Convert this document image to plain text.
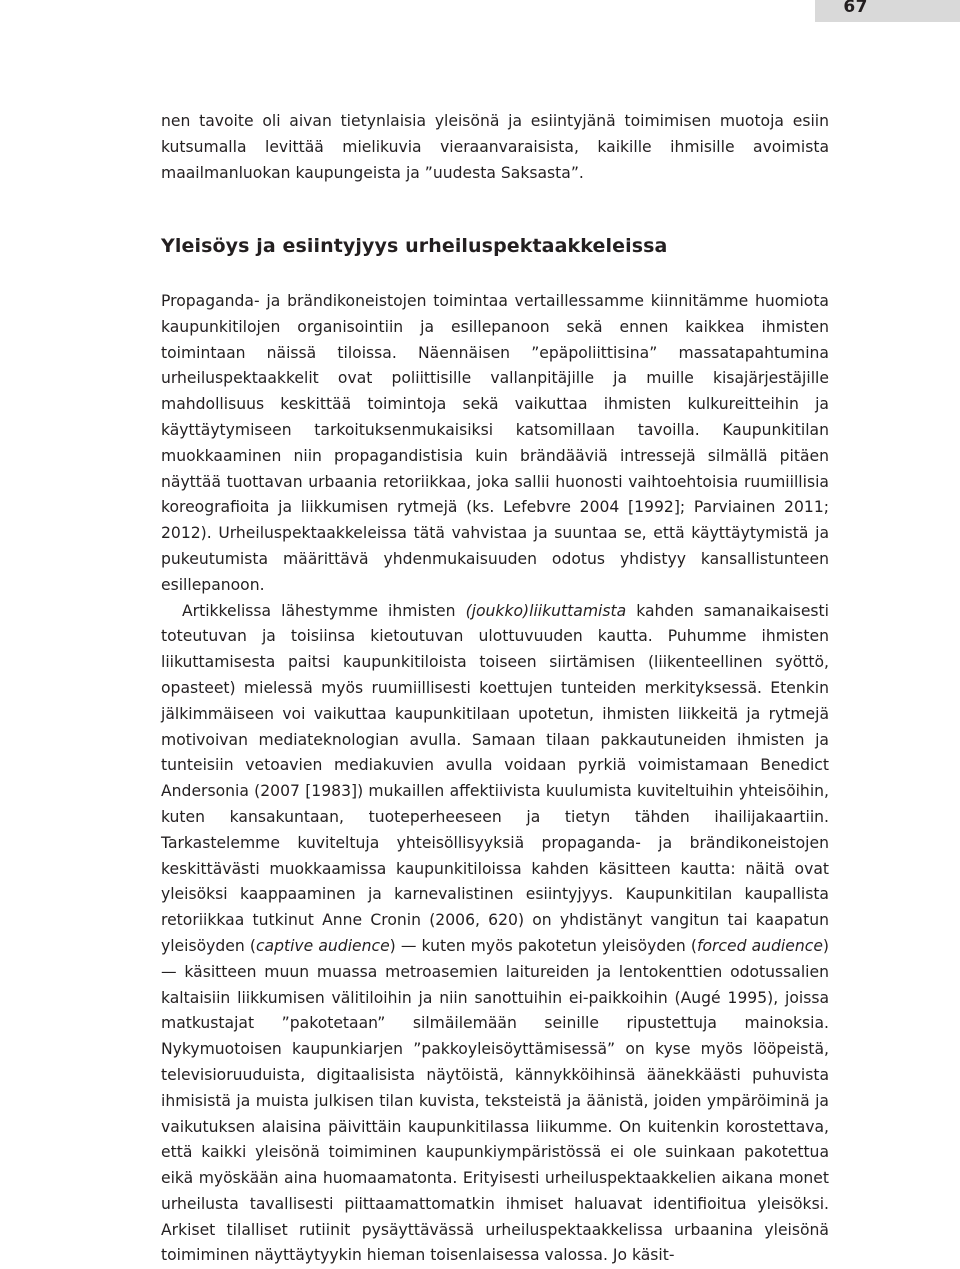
67

nen tavoite oli aivan tietynlaisia yleisönä ja esiintyjänä toimimisen muotoja esiin kutsumalla levittää mielikuvia vieraanvaraisista, kaikille ihmisille avoimista maailmanluokan kaupungeista ja ”uudesta Saksasta”.

Yleisöys ja esiintyjyys urheiluspektaakkeleissa

Propaganda- ja brändikoneistojen toimintaa vertaillessamme kiinnitämme huomiota kaupunkitilojen organisointiin ja esillepanoon sekä ennen kaikkea ihmisten toimintaan näissä tiloissa. Näennäisen ”epäpoliittisina” massatapahtumina urheiluspektaakkelit ovat poliittisille vallanpitäjille ja muille kisajärjestäjille mahdollisuus keskittää toimintoja sekä vaikuttaa ihmisten kulkureitteihin ja käyttäytymiseen tarkoituksenmukaisiksi katsomillaan tavoilla. Kaupunkitilan muokkaaminen niin propagandistisia kuin brändääviä intressejä silmällä pitäen näyttää tuottavan urbaania retoriikkaa, joka sallii huonosti vaihtoehtoisia ruumiillisia koreografioita ja liikkumisen rytmejä (ks. Lefebvre 2004 [1992]; Parviainen 2011; 2012). Urheiluspektaakkeleissa tätä vahvistaa ja suuntaa se, että käyttäytymistä ja pukeutumista määrittävä yhdenmukaisuuden odotus yhdistyy kansallistunteen esillepanoon.

Artikkelissa lähestymme ihmisten (joukko)liikuttamista kahden samanaikaisesti toteutuvan ja toisiinsa kietoutuvan ulottuvuuden kautta. Puhumme ihmisten liikuttamisesta paitsi kaupunkitiloista toiseen siirtämisen (liikenteellinen syöttö, opasteet) mielessä myös ruumiillisesti koettujen tunteiden merkityksessä. Etenkin jälkimmäiseen voi vaikuttaa kaupunkitilaan upotetun, ihmisten liikkeitä ja rytmejä motivoivan mediateknologian avulla. Samaan tilaan pakkautuneiden ihmisten ja tunteisiin vetoavien mediakuvien avulla voidaan pyrkiä voimistamaan Benedict Andersonia (2007 [1983]) mukaillen affektiivista kuulumista kuviteltuihin yhteisöihin, kuten kansakuntaan, tuoteperheeseen ja tietyn tähden ihailijakaartiin. Tarkastelemme kuviteltuja yhteisöllisyyksiä propaganda- ja brändikoneistojen keskittävästi muokkaamissa kaupunkitiloissa kahden käsitteen kautta: näitä ovat yleisöksi kaappaaminen ja karnevalistinen esiintyjyys. Kaupunkitilan kaupallista retoriikkaa tutkinut Anne Cronin (2006, 620) on yhdistänyt vangitun tai kaapatun yleisöyden (captive audience) — kuten myös pakotetun yleisöyden (forced audience) — käsitteen muun muassa metroasemien laitureiden ja lentokenttien odotussalien kaltaisiin liikkumisen välitiloihin ja niin sanottuihin ei-paikkoihin (Augé 1995), joissa matkustajat ”pakotetaan” silmäilemään seinille ripustettuja mainoksia. Nykymuotoisen kaupunkiarjen ”pakkoyleisöyttämisessä” on kyse myös lööpeistä, televisioruuduista, digitaalisista näytöistä, kännykköihinsä äänekkäästi puhuvista ihmisistä ja muista julkisen tilan kuvista, teksteistä ja äänistä, joiden ympäröiminä ja vaikutuksen alaisina päivittäin kaupunkitilassa liikumme. On kuitenkin korostettava, että kaikki yleisönä toimiminen kaupunkiympäristössä ei ole suinkaan pakotettua eikä myöskään aina huomaamatonta. Erityisesti urheiluspektaakkelien aikana monet urheilusta tavallisesti piittaamattomatkin ihmiset haluavat identifioitua yleisöksi. Arkiset tilalliset rutiinit pysäyttävässä urheiluspektaakkelissa urbaanina yleisönä toimiminen näyttäytyykin hieman toisenlaisessa valossa. Jo käsit-
